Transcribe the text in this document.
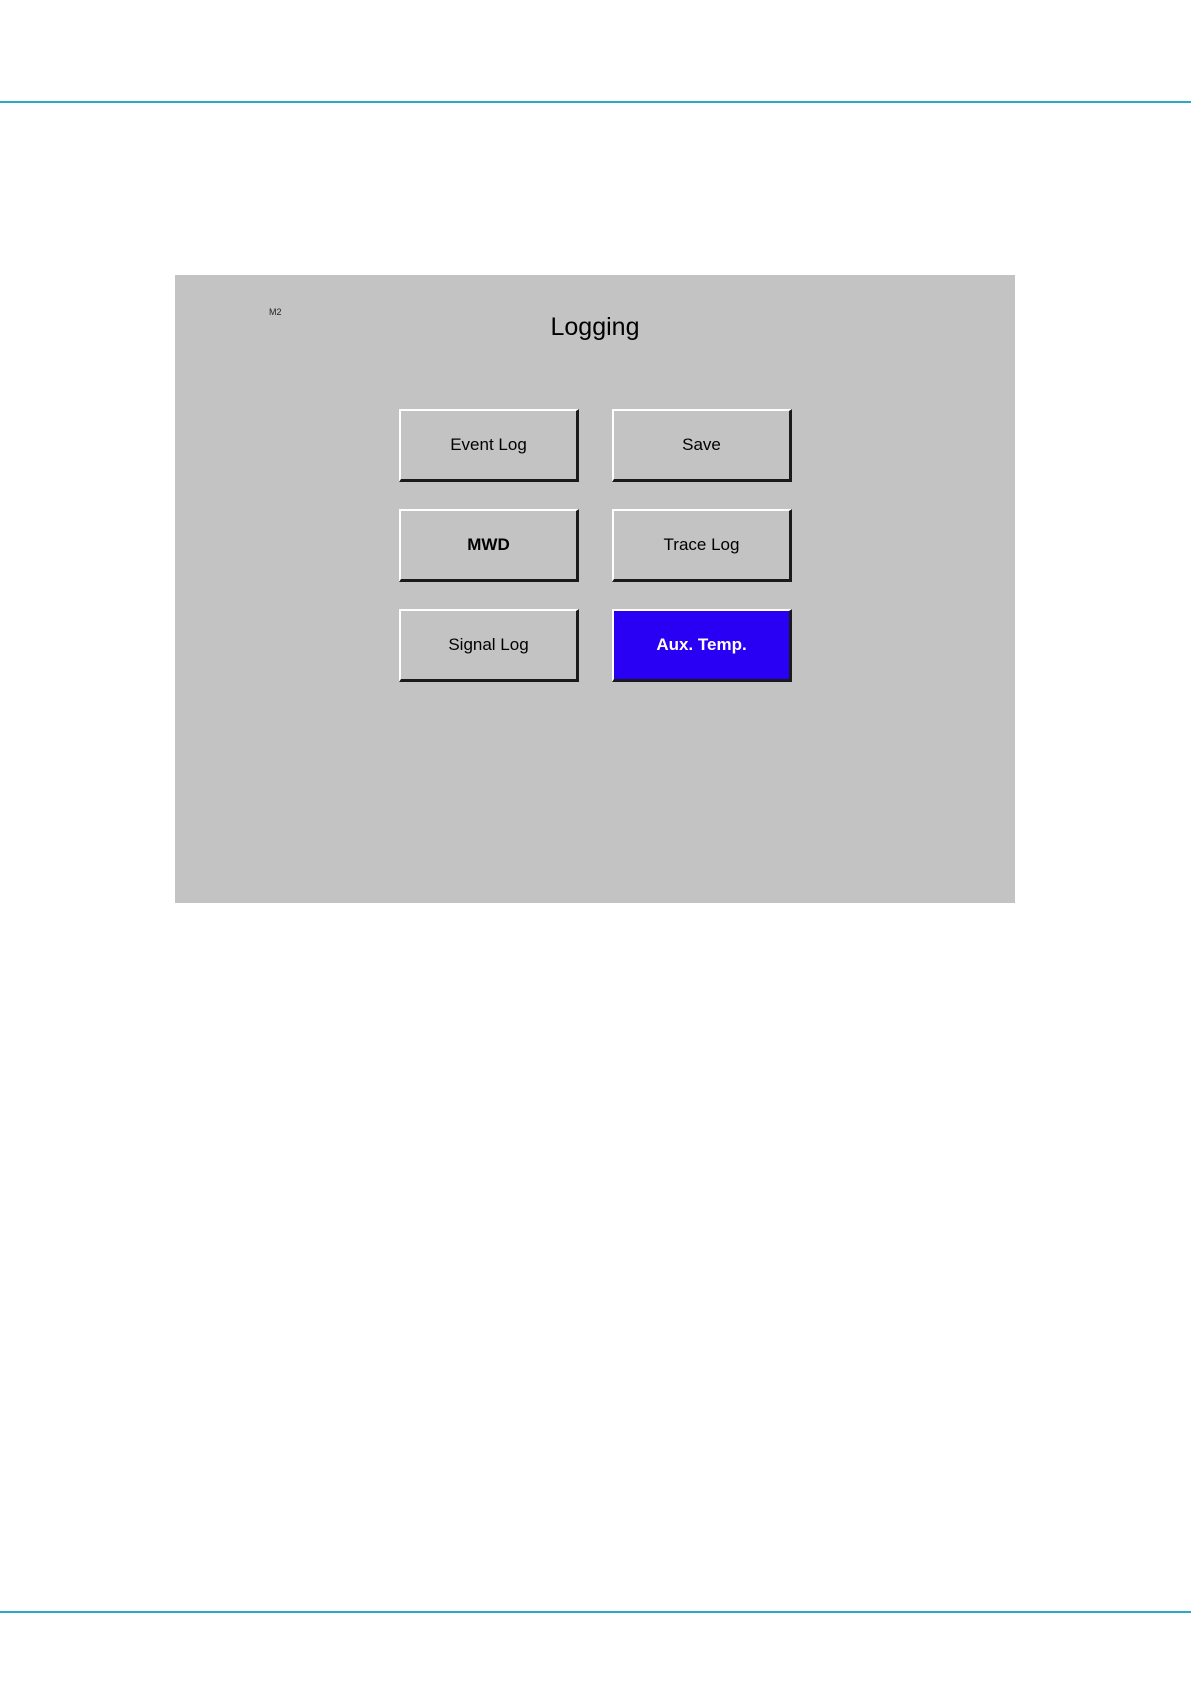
M2
Logging
Event Log	Save
MWD	Trace Log
Signal Log	Aux. Temp.
